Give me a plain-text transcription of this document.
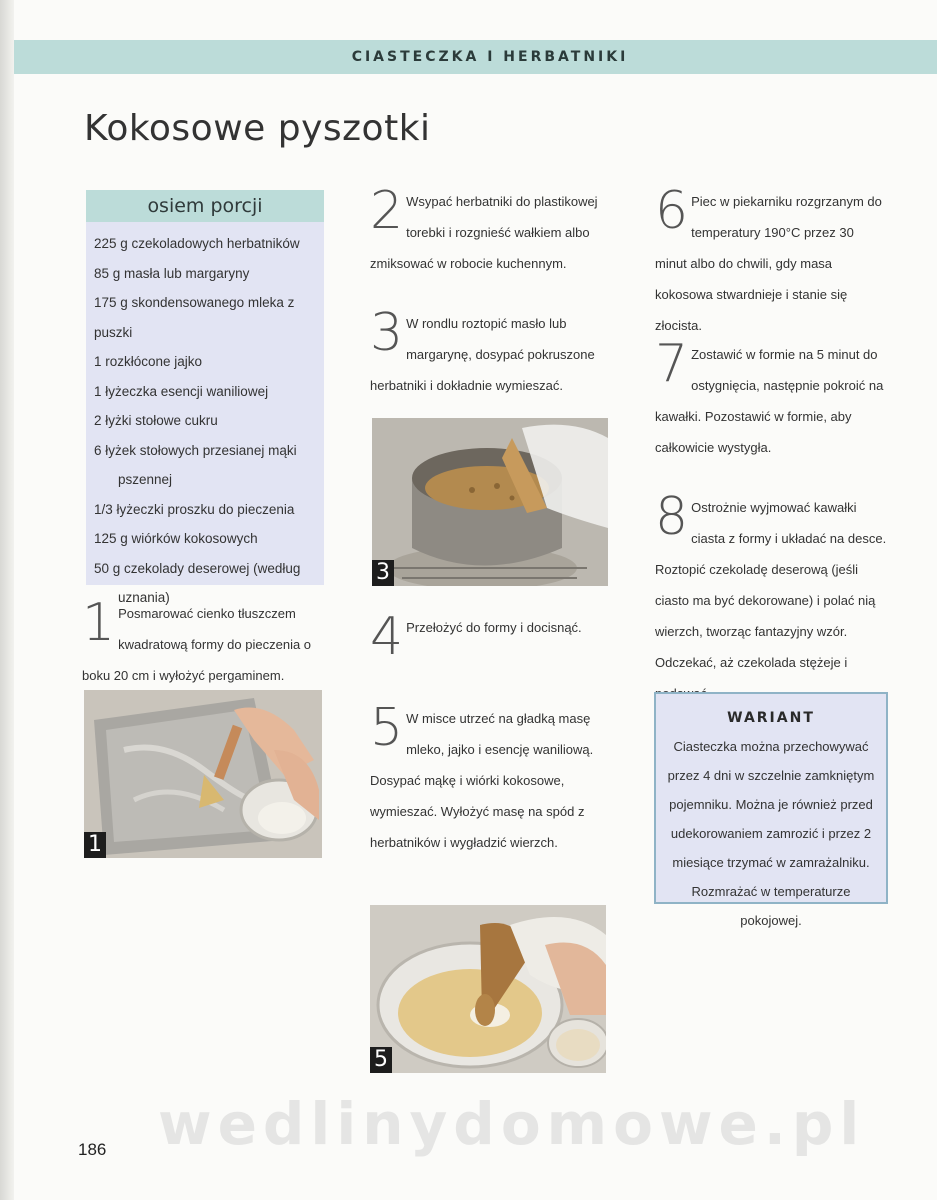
CIASTECZKA I HERBATNIKI
Kokosowe pyszotki
osiem porcji
225 g czekoladowych herbatników
85 g masła lub margaryny
175 g skondensowanego mleka z puszki
1 rozkłócone jajko
1 łyżeczka esencji waniliowej
2 łyżki stołowe cukru
6 łyżek stołowych przesianej mąki
pszennej
1/3 łyżeczki proszku do pieczenia
125 g wiórków kokosowych
50 g czekolady deserowej (według
uznania)
1 Posmarować cienko tłuszczem kwadratową formy do pieczenia o boku 20 cm i wyłożyć pergaminem.
1
2 Wsypać herbatniki do plastikowej torebki i rozgnieść wałkiem albo zmiksować w robocie kuchennym.
3 W rondlu roztopić masło lub margarynę, dosypać pokruszone herbatniki i dokładnie wymieszać.
3
4 Przełożyć do formy i docisnąć.
5 W misce utrzeć na gładką masę mleko, jajko i esencję waniliową. Dosypać mąkę i wiórki kokosowe, wymieszać. Wyłożyć masę na spód z herbatników i wygładzić wierzch.
5
6 Piec w piekarniku rozgrzanym do temperatury 190°C przez 30 minut albo do chwili, gdy masa kokosowa stwardnieje i stanie się złocista.
7 Zostawić w formie na 5 minut do ostygnięcia, następnie pokroić na kawałki. Pozostawić w formie, aby całkowicie wystygła.
8 Ostrożnie wyjmować kawałki ciasta z formy i układać na desce. Roztopić czekoladę deserową (jeśli ciasto ma być dekorowane) i polać nią wierzch, tworząc fantazyjny wzór. Odczekać, aż czekolada stężeje i
WARIANT
Ciasteczka można przechowywać przez 4 dni w szczelnie zamkniętym pojemniku. Można je również przed udekorowaniem zamrozić i przez 2 miesiące trzymać w zamrażalniku. Rozmrażać w temperaturze pokojowej.
wedlinydomowe.pl
186
